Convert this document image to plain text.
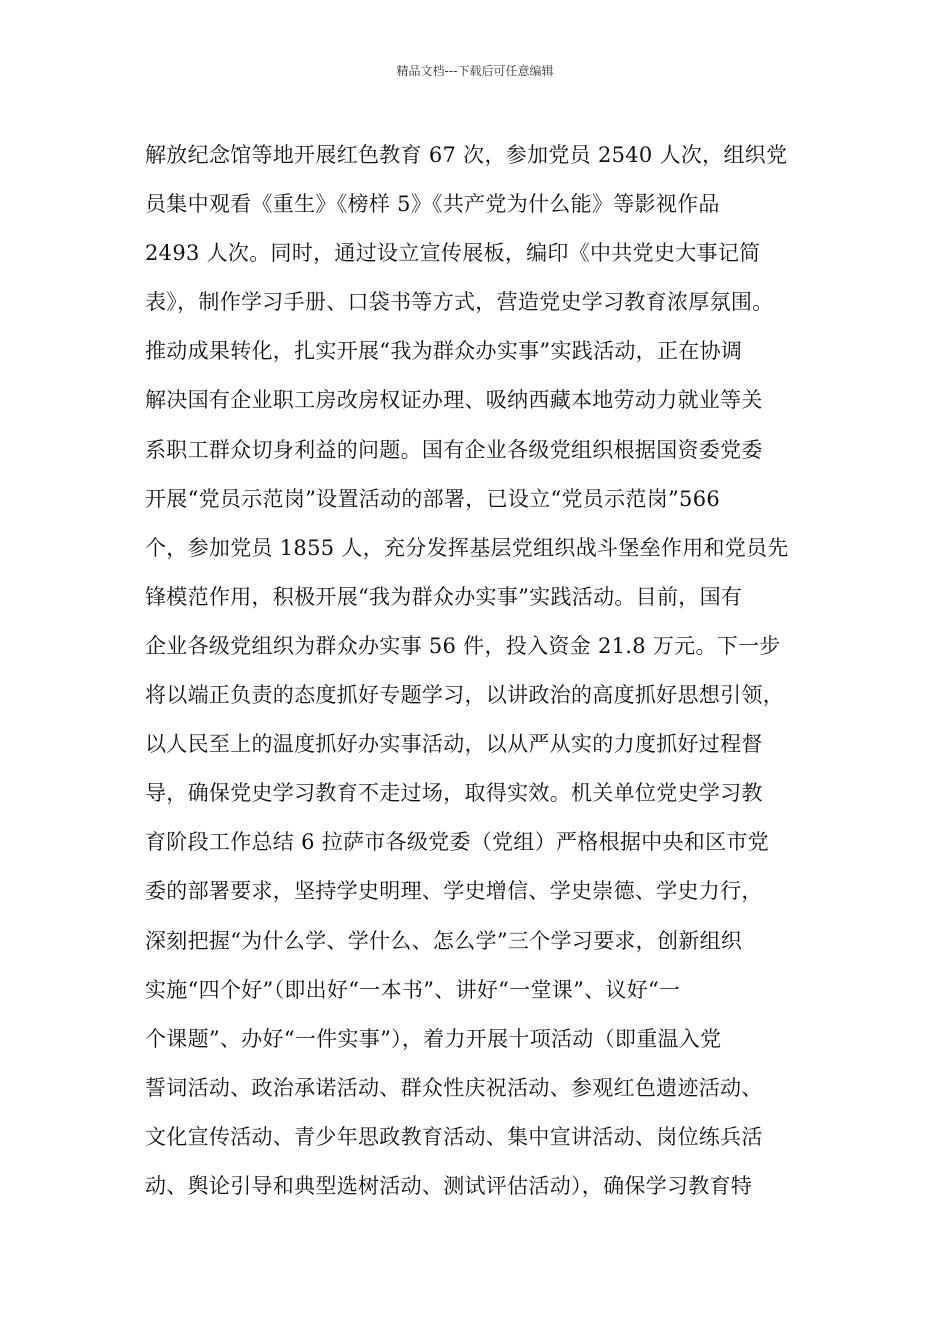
精品文档---下载后可任意编辑
解放纪念馆等地开展红色教育 67 次，参加党员 2540 人次，组织党
员集中观看《重生》《榜样 5》《共产党为什么能》等影视作品
2493 人次。同时，通过设立宣传展板，编印《中共党史大事记简
表》，制作学习手册、口袋书等方式，营造党史学习教育浓厚氛围。
推动成果转化，扎实开展“我为群众办实事”实践活动，正在协调
解决国有企业职工房改房权证办理、吸纳西藏本地劳动力就业等关
系职工群众切身利益的问题。国有企业各级党组织根据国资委党委
开展“党员示范岗”设置活动的部署，已设立“党员示范岗”566
个，参加党员 1855 人，充分发挥基层党组织战斗堡垒作用和党员先
锋模范作用，积极开展“我为群众办实事”实践活动。目前，国有
企业各级党组织为群众办实事 56 件，投入资金 21.8 万元。下一步
将以端正负责的态度抓好专题学习，以讲政治的高度抓好思想引领，
以人民至上的温度抓好办实事活动，以从严从实的力度抓好过程督
导，确保党史学习教育不走过场，取得实效。机关单位党史学习教
育阶段工作总结 6 拉萨市各级党委（党组）严格根据中央和区市党
委的部署要求，坚持学史明理、学史增信、学史崇德、学史力行，
深刻把握“为什么学、学什么、怎么学”三个学习要求，创新组织
实施“四个好”（即出好“一本书”、讲好“一堂课”、议好“一
个课题”、办好“一件实事”），着力开展十项活动（即重温入党
誓词活动、政治承诺活动、群众性庆祝活动、参观红色遗迹活动、
文化宣传活动、青少年思政教育活动、集中宣讲活动、岗位练兵活
动、舆论引导和典型选树活动、测试评估活动），确保学习教育特
